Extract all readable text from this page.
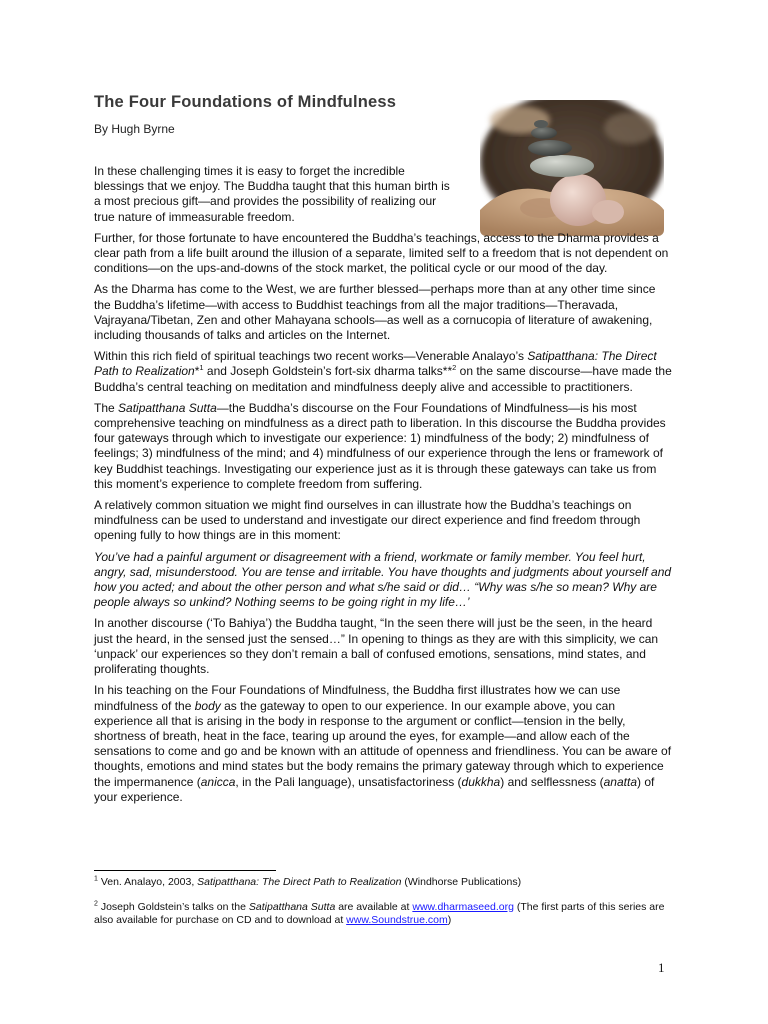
The Four Foundations of Mindfulness

By Hugh Byrne

In these challenging times it is easy to forget the incredible blessings that we enjoy. The Buddha taught that this human birth is a most precious gift—and provides the possibility of realizing our true nature of immeasurable freedom.

Further, for those fortunate to have encountered the Buddha’s teachings, access to the Dharma provides a clear path from a life built around the illusion of a separate, limited self to a freedom that is not dependent on conditions—on the ups-and-downs of the stock market, the political cycle or our mood of the day.

As the Dharma has come to the West, we are further blessed—perhaps more than at any other time since the Buddha’s lifetime—with access to Buddhist teachings from all the major traditions—Theravada, Vajrayana/Tibetan, Zen and other Mahayana schools—as well as a cornucopia of literature of awakening, including thousands of talks and articles on the Internet.

Within this rich field of spiritual teachings two recent works—Venerable Analayo’s Satipatthana: The Direct Path to Realization*$^1$ and Joseph Goldstein’s fort-six dharma talks**$^2$ on the same discourse—have made the Buddha’s central teaching on meditation and mindfulness deeply alive and accessible to practitioners.

The Satipatthana Sutta—the Buddha’s discourse on the Four Foundations of Mindfulness—is his most comprehensive teaching on mindfulness as a direct path to liberation. In this discourse the Buddha provides four gateways through which to investigate our experience: 1) mindfulness of the body; 2) mindfulness of feelings; 3) mindfulness of the mind; and 4) mindfulness of our experience through the lens or framework of key Buddhist teachings. Investigating our experience just as it is through these gateways can take us from this moment’s experience to complete freedom from suffering.

A relatively common situation we might find ourselves in can illustrate how the Buddha’s teachings on mindfulness can be used to understand and investigate our direct experience and find freedom through opening fully to how things are in this moment:

You’ve had a painful argument or disagreement with a friend, workmate or family member. You feel hurt, angry, sad, misunderstood. You are tense and irritable. You have thoughts and judgments about yourself and how you acted; and about the other person and what s/he said or did… “Why was s/he so mean? Why are people always so unkind? Nothing seems to be going right in my life…’

In another discourse (‘To Bahiya’) the Buddha taught, “In the seen there will just be the seen, in the heard just the heard, in the sensed just the sensed…” In opening to things as they are with this simplicity, we can ‘unpack’ our experiences so they don’t remain a ball of confused emotions, sensations, mind states, and proliferating thoughts.

In his teaching on the Four Foundations of Mindfulness, the Buddha first illustrates how we can use mindfulness of the body as the gateway to open to our experience. In our example above, you can experience all that is arising in the body in response to the argument or conflict—tension in the belly, shortness of breath, heat in the face, tearing up around the eyes, for example—and allow each of the sensations to come and go and be known with an attitude of openness and friendliness. You can be aware of thoughts, emotions and mind states but the body remains the primary gateway through which to experience the impermanence (anicca, in the Pali language), unsatisfactoriness (dukkha) and selflessness (anatta) of your experience.

$^1$ Ven. Analayo, 2003, Satipatthana: The Direct Path to Realization (Windhorse Publications)

$^2$ Joseph Goldstein’s talks on the Satipatthana Sutta are available at www.dharmaseed.org (The first parts of this series are also available for purchase on CD and to download at www.Soundstrue.com)

1
